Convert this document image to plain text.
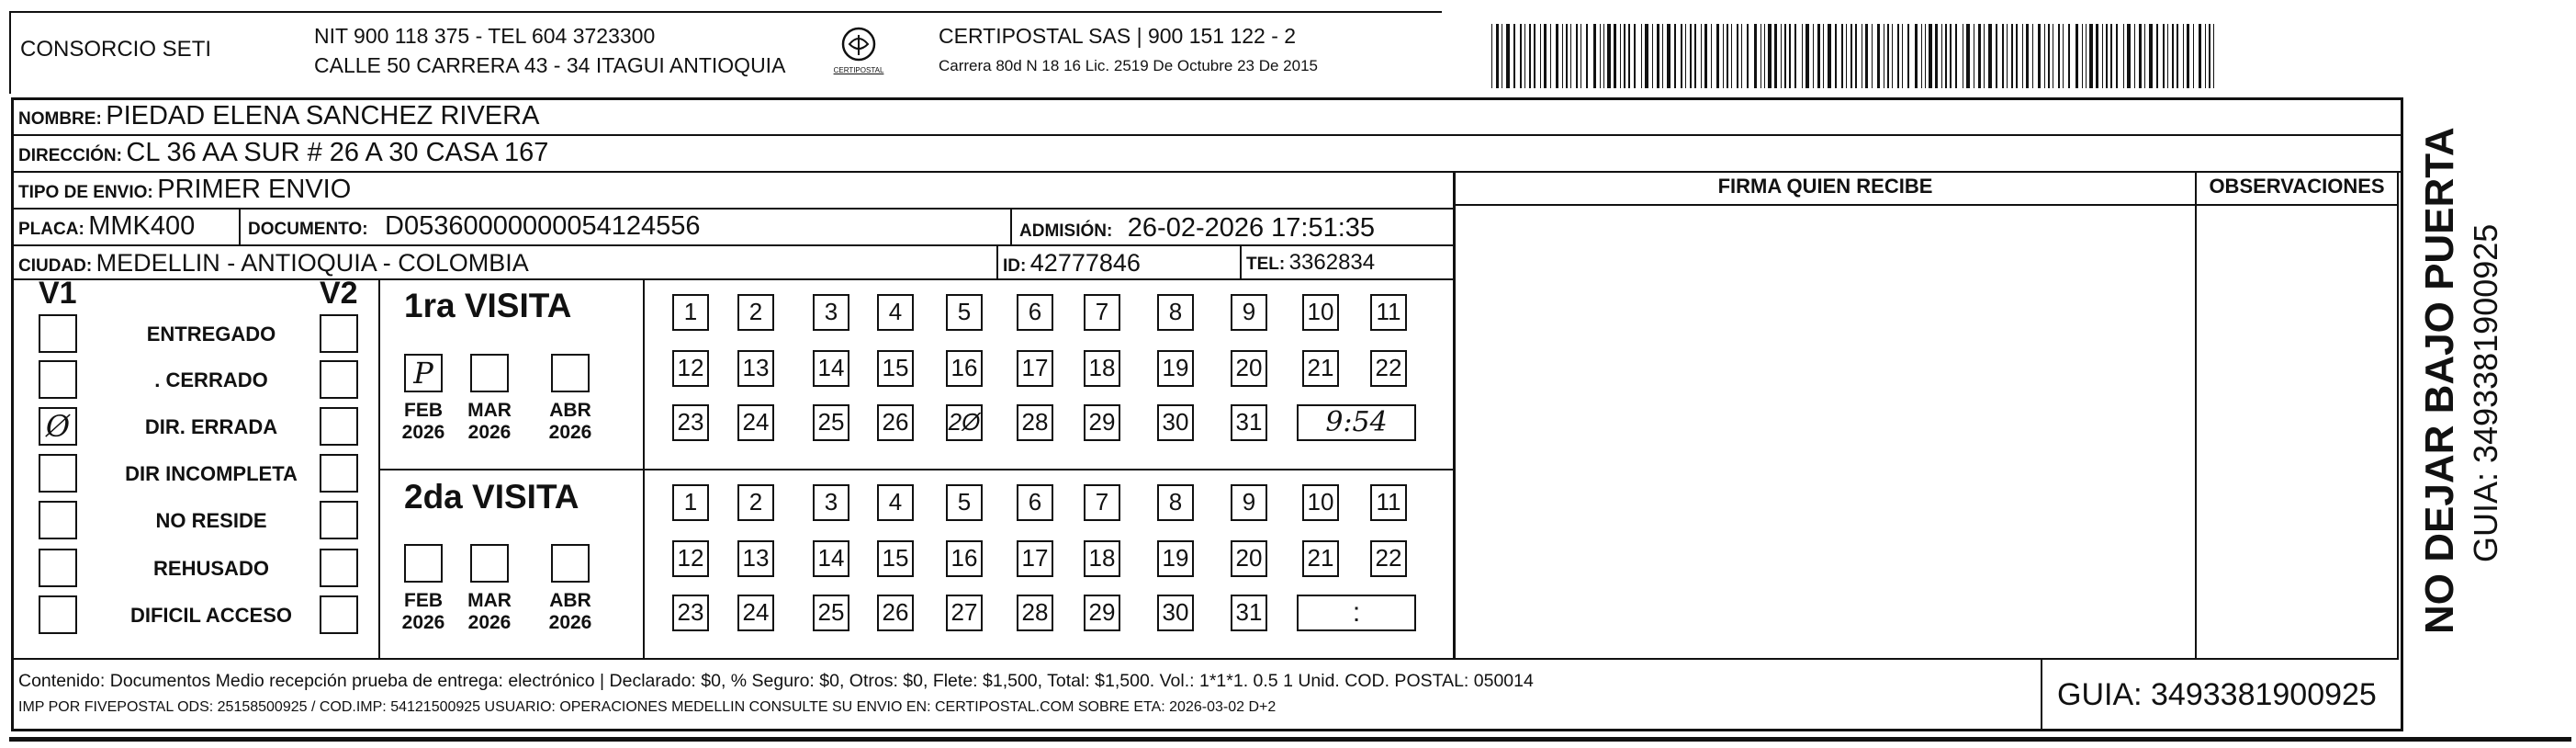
CONSORCIO SETI
NIT 900 118 375 - TEL 604 3723300
CALLE 50 CARRERA 43 - 34 ITAGUI ANTIOQUIA	CERTIPOSTAL
CERTIPOSTAL SAS | 900 151 122 - 2
Carrera 80d N 18 16 Lic. 2519 De Octubre 23 De 2015
NOMBRE: PIEDAD ELENA SANCHEZ RIVERA
DIRECCIÓN: CL 36 AA SUR # 26 A 30 CASA 167
TIPO DE ENVIO: PRIMER ENVIO
PLACA: MMK400	DOCUMENTO: D05360000000054124556	ADMISIÓN: 26-02-2026 17:51:35
CIUDAD: MEDELLIN - ANTIOQUIA - COLOMBIA	ID: 42777846	TEL: 3362834
FIRMA QUIEN RECIBE	OBSERVACIONES
V1	V2
ENTREGADO
. CERRADO
Ø	DIR. ERRADA
DIR INCOMPLETA
NO RESIDE
REHUSADO
DIFICIL ACCESO
1ra VISITA
P
FEB
2026
MAR
2026
ABR
2026
1	2	3	4	5	6	7	8	9	10 11
12 13 14 15 16 17 18 19 20 21 22
23 24 25 26 2Ø 28 29 30 31	9:54
2da VISITA
FEB
2026
MAR
2026
ABR
2026
1	2	3	4	5	6	7	8	9	10 11
12 13 14 15 16 17 18 19 20 21 22
23 24 25 26 27 28 29 30 31	:
Contenido: Documentos Medio recepción prueba de entrega: electrónico | Declarado: $0, % Seguro: $0, Otros: $0, Flete: $1,500, Total: $1,500. Vol.: 1*1*1. 0.5 1 Unid. COD. POSTAL: 050014
IMP POR FIVEPOSTAL ODS: 25158500925 / COD.IMP: 54121500925 USUARIO: OPERACIONES MEDELLIN CONSULTE SU ENVIO EN: CERTIPOSTAL.COM SOBRE ETA: 2026-03-02 D+2	GUIA: 3493381900925
NO DEJAR BAJO PUERTA GUIA: 3493381900925
